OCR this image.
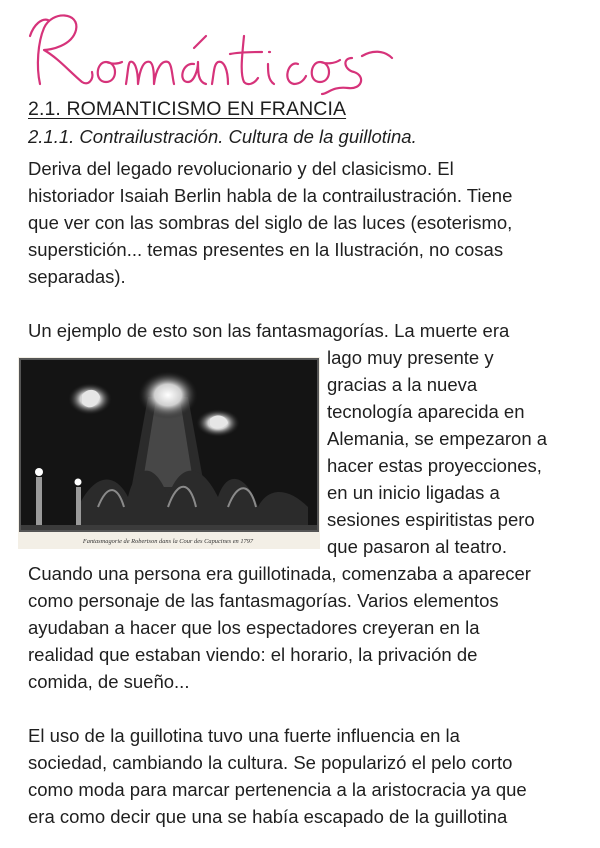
2.1. ROMANTICISMO EN FRANCIA
2.1.1. Contrailustración. Cultura de la guillotina.
Deriva del legado revolucionario y del clasicismo. El
historiador Isaiah Berlin habla de la contrailustración. Tiene
que ver con las sombras del siglo de las luces (esoterismo,
superstición... temas presentes en la Ilustración, no cosas
separadas).
Un ejemplo de esto son las fantasmagorías. La muerte era
Fantasmagorie de Robertson dans la Cour des Capucines en 1797
lago muy presente y
gracias a la nueva
tecnología aparecida en
Alemania, se empezaron a
hacer estas proyecciones,
en un inicio ligadas a
sesiones espiritistas pero
que pasaron al teatro.
Cuando una persona era guillotinada, comenzaba a aparecer
como personaje de las fantasmagorías. Varios elementos
ayudaban a hacer que los espectadores creyeran en la
realidad que estaban viendo: el horario, la privación de
comida, de sueño...
El uso de la guillotina tuvo una fuerte influencia en la
sociedad, cambiando la cultura. Se popularizó el pelo corto
como moda para marcar pertenencia a la aristocracia ya que
era como decir que una se había escapado de la guillotina
